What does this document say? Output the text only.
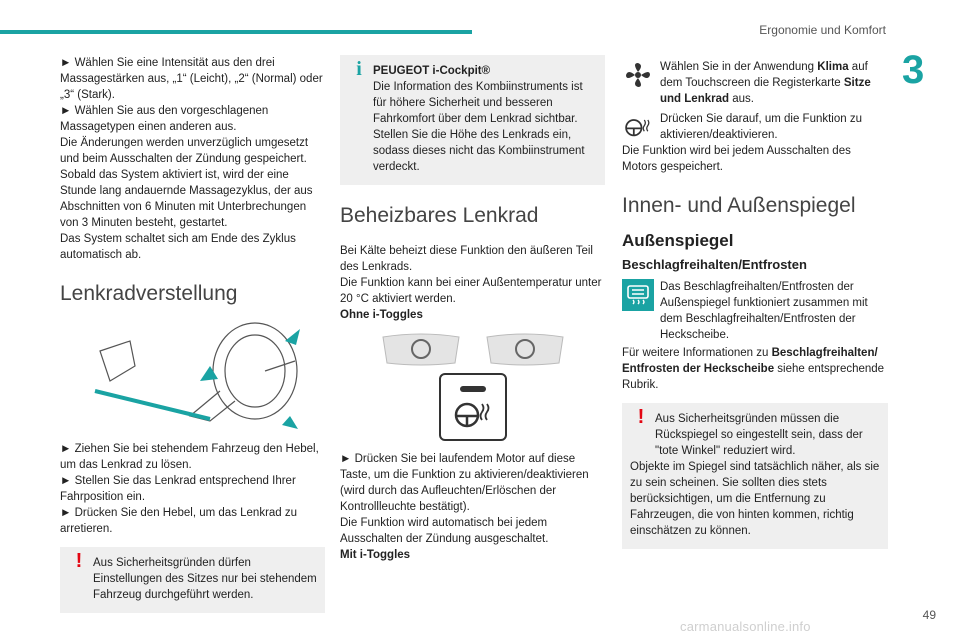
Ergonomie und Komfort
3

► Wählen Sie eine Intensität aus den drei Massagestärken aus, „1“ (Leicht), „2“ (Normal) oder „3“ (Stark).

► Wählen Sie aus den vorgeschlagenen Massagetypen einen anderen aus.

Die Änderungen werden unverzüglich umgesetzt und beim Ausschalten der Zündung gespeichert.

Sobald das System aktiviert ist, wird der eine Stunde lang andauernde Massagezyklus, der aus Abschnitten von 6 Minuten mit Unterbrechungen von 3 Minuten besteht, gestartet.

Das System schaltet sich am Ende des Zyklus automatisch ab.

Lenkradverstellung

► Ziehen Sie bei stehendem Fahrzeug den Hebel, um das Lenkrad zu lösen.

► Stellen Sie das Lenkrad entsprechend Ihrer Fahrposition ein.

► Drücken Sie den Hebel, um das Lenkrad zu arretieren.

! Aus Sicherheitsgründen dürfen Einstellungen des Sitzes nur bei stehendem Fahrzeug durchgeführt werden.

i PEUGEOT i-Cockpit®

Die Information des Kombiinstruments ist für höhere Sicherheit und besseren Fahrkomfort über dem Lenkrad sichtbar.

Stellen Sie die Höhe des Lenkrads ein, sodass dieses nicht das Kombiinstrument verdeckt.

Beheizbares Lenkrad

Bei Kälte beheizt diese Funktion den äußeren Teil des Lenkrads.

Die Funktion kann bei einer Außentemperatur unter 20 °C aktiviert werden.

Ohne i-Toggles

► Drücken Sie bei laufendem Motor auf diese Taste, um die Funktion zu aktivieren/deaktivieren (wird durch das Aufleuchten/Erlöschen der Kontrollleuchte bestätigt).

Die Funktion wird automatisch bei jedem Ausschalten der Zündung ausgeschaltet.

Mit i-Toggles

Wählen Sie in der Anwendung Klima auf dem Touchscreen die Registerkarte Sitze und Lenkrad aus.

Drücken Sie darauf, um die Funktion zu aktivieren/deaktivieren.

Die Funktion wird bei jedem Ausschalten des Motors gespeichert.

Innen- und Außenspiegel
Außenspiegel
Beschlagfreihalten/Entfrosten

Das Beschlagfreihalten/Entfrosten der Außenspiegel funktioniert zusammen mit dem Beschlagfreihalten/Entfrosten der Heckscheibe.

Für weitere Informationen zu Beschlagfreihalten/ Entfrosten der Heckscheibe siehe entsprechende Rubrik.

! Aus Sicherheitsgründen müssen die Rückspiegel so eingestellt sein, dass der "tote Winkel" reduziert wird.

Objekte im Spiegel sind tatsächlich näher, als sie zu sein scheinen. Sie sollten dies stets berücksichtigen, um die Entfernung zu Fahrzeugen, die von hinten kommen, richtig einschätzen zu können.

49
carmanualsonline.info
